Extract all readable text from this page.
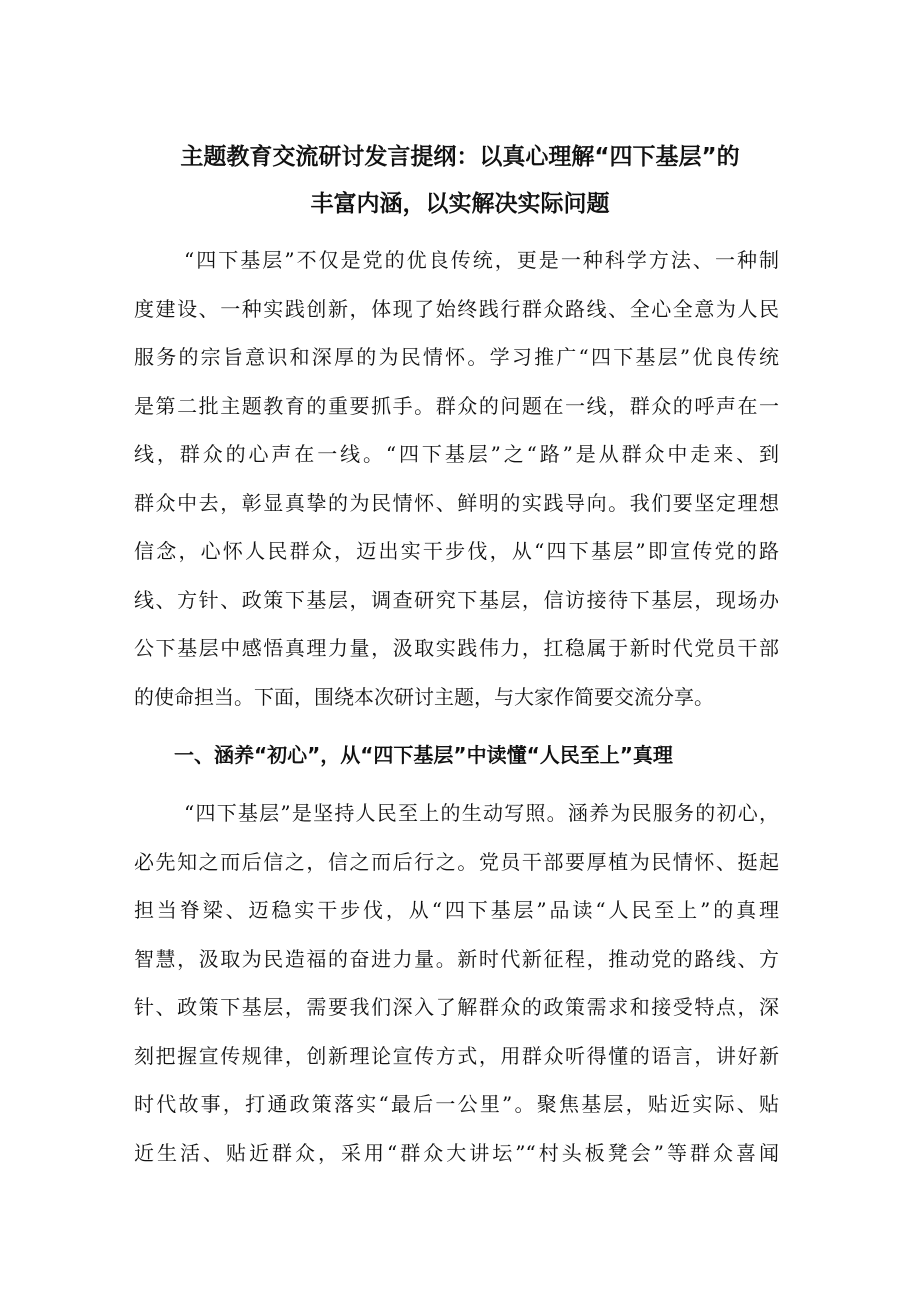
主题教育交流研讨发言提纲：以真心理解“四下基层”的
丰富内涵，以实解决实际问题
“四下基层”不仅是党的优良传统，更是一种科学方法、一种制
度建设、一种实践创新，体现了始终践行群众路线、全心全意为人民
服务的宗旨意识和深厚的为民情怀。学习推广“四下基层”优良传统
是第二批主题教育的重要抓手。群众的问题在一线，群众的呼声在一
线，群众的心声在一线。“四下基层”之“路”是从群众中走来、到
群众中去，彰显真挚的为民情怀、鲜明的实践导向。我们要坚定理想
信念，心怀人民群众，迈出实干步伐，从“四下基层”即宣传党的路
线、方针、政策下基层，调查研究下基层，信访接待下基层，现场办
公下基层中感悟真理力量，汲取实践伟力，扛稳属于新时代党员干部
的使命担当。下面，围绕本次研讨主题，与大家作简要交流分享。
一、涵养“初心”，从“四下基层”中读懂“人民至上”真理
“四下基层”是坚持人民至上的生动写照。涵养为民服务的初心，
必先知之而后信之，信之而后行之。党员干部要厚植为民情怀、挺起
担当脊梁、迈稳实干步伐，从“四下基层”品读“人民至上”的真理
智慧，汲取为民造福的奋进力量。新时代新征程，推动党的路线、方
针、政策下基层，需要我们深入了解群众的政策需求和接受特点，深
刻把握宣传规律，创新理论宣传方式，用群众听得懂的语言，讲好新
时代故事，打通政策落实“最后一公里”。聚焦基层，贴近实际、贴
近生活、贴近群众，采用“群众大讲坛”“村头板凳会”等群众喜闻
